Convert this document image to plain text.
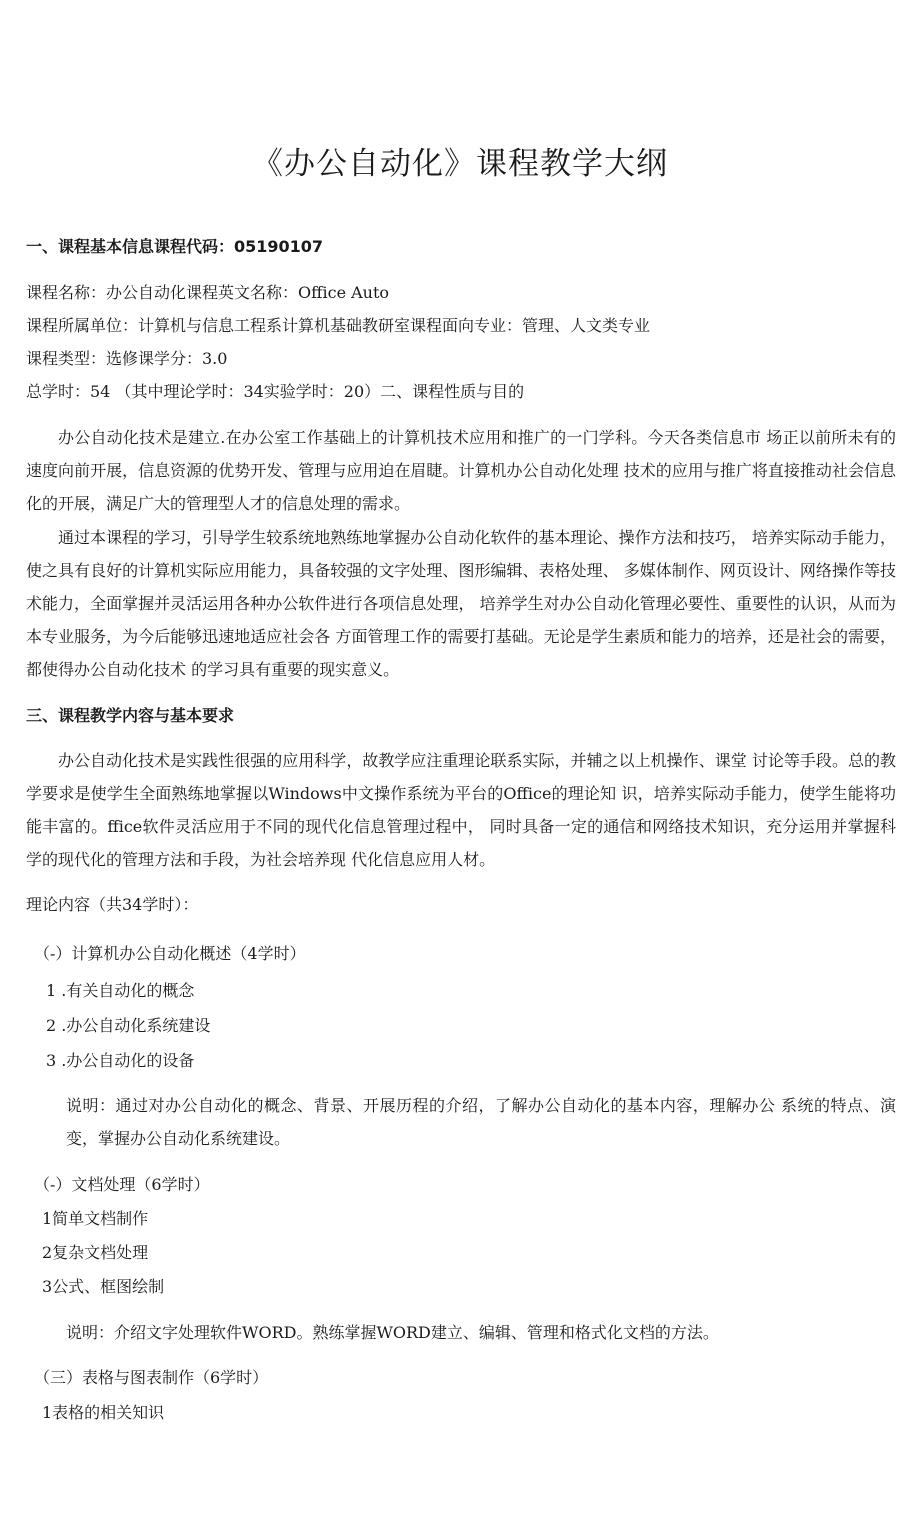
《办公自动化》课程教学大纲
一、课程基本信息课程代码：05190107
课程名称：办公自动化课程英文名称：Office Auto
课程所属单位：计算机与信息工程系计算机基础教研室课程面向专业：管理、人文类专业
课程类型：选修课学分：3.0
总学时：54 （其中理论学时：34实验学时：20）二、课程性质与目的
办公自动化技术是建立.在办公室工作基础上的计算机技术应用和推广的一门学科。今天各类信息市 场正以前所未有的速度向前开展，信息资源的优势开发、管理与应用迫在眉睫。计算机办公自动化处理 技术的应用与推广将直接推动社会信息化的开展，满足广大的管理型人才的信息处理的需求。
通过本课程的学习，引导学生较系统地熟练地掌握办公自动化软件的基本理论、操作方法和技巧， 培养实际动手能力，使之具有良好的计算机实际应用能力，具备较强的文字处理、图形编辑、表格处理、 多媒体制作、网页设计、网络操作等技术能力，全面掌握并灵活运用各种办公软件进行各项信息处理， 培养学生对办公自动化管理必要性、重要性的认识，从而为本专业服务，为今后能够迅速地适应社会各 方面管理工作的需要打基础。无论是学生素质和能力的培养，还是社会的需要，都使得办公自动化技术 的学习具有重要的现实意义。
三、课程教学内容与基本要求
办公自动化技术是实践性很强的应用科学，故教学应注重理论联系实际，并辅之以上机操作、课堂 讨论等手段。总的教学要求是使学生全面熟练地掌握以Windows中文操作系统为平台的Office的理论知 识，培养实际动手能力，使学生能将功能丰富的。ffice软件灵活应用于不同的现代化信息管理过程中， 同时具备一定的通信和网络技术知识，充分运用并掌握科学的现代化的管理方法和手段，为社会培养现 代化信息应用人材。
理论内容（共34学时）：
（-）计算机办公自动化概述（4学时）
1 .有关自动化的概念
2 .办公自动化系统建设
3 .办公自动化的设备
说明：通过对办公自动化的概念、背景、开展历程的介绍，了解办公自动化的基本内容，理解办公 系统的特点、演变，掌握办公自动化系统建设。
（-）文档处理（6学时）
1简单文档制作
2复杂文档处理
3公式、框图绘制
说明：介绍文字处理软件WORD。熟练掌握WORD建立、编辑、管理和格式化文档的方法。
（三）表格与图表制作（6学时）
1表格的相关知识
